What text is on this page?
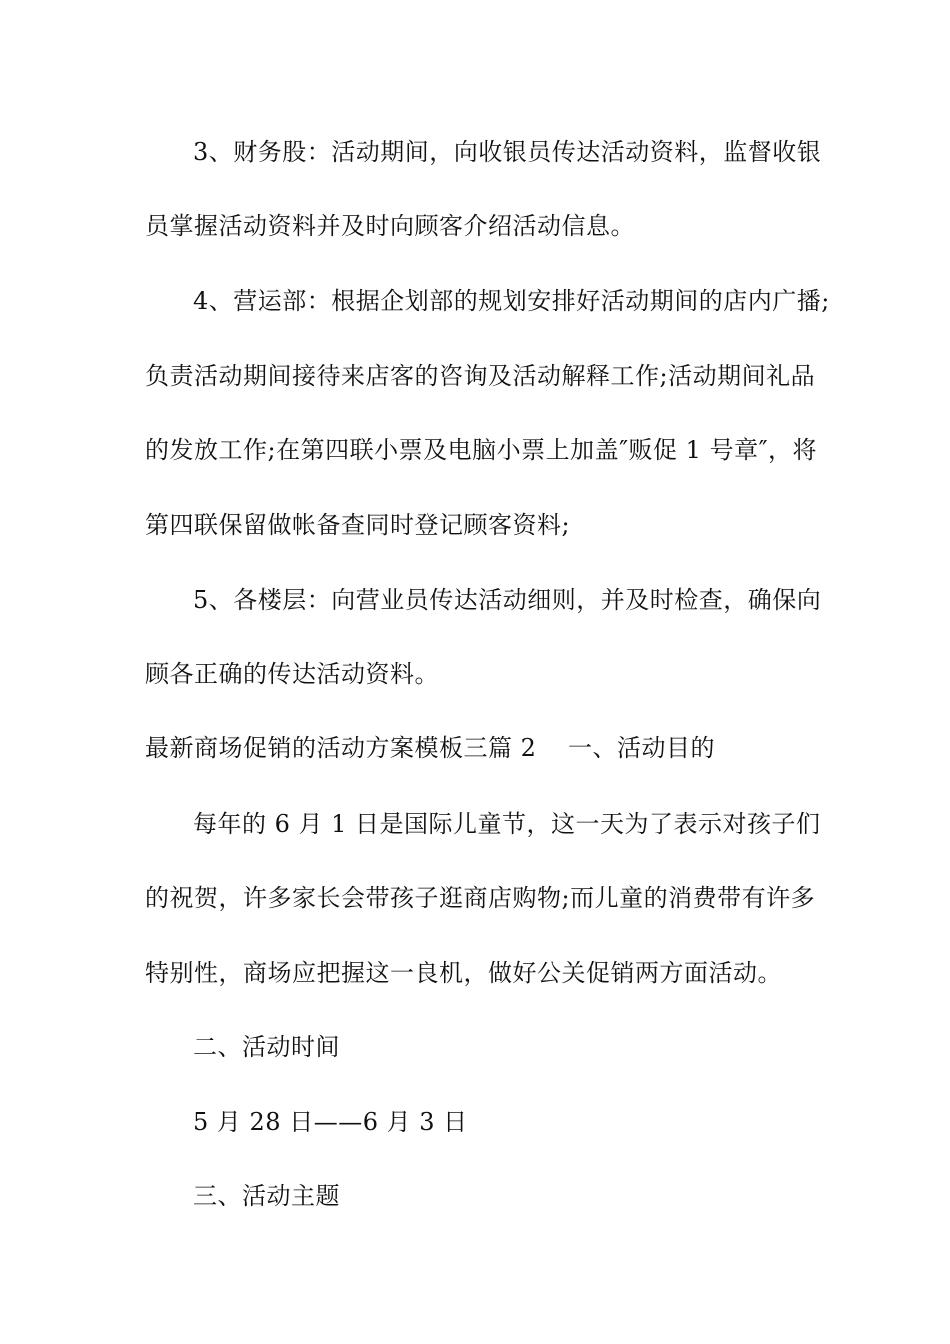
3、财务股：活动期间，向收银员传达活动资料，监督收银
员掌握活动资料并及时向顾客介绍活动信息。
4、营运部：根据企划部的规划安排好活动期间的店内广播;
负责活动期间接待来店客的咨询及活动解释工作;活动期间礼品
的发放工作;在第四联小票及电脑小票上加盖″贩促 1 号章″，将
第四联保留做帐备查同时登记顾客资料;
5、各楼层：向营业员传达活动细则，并及时检查，确保向
顾各正确的传达活动资料。
最新商场促销的活动方案模板三篇 2	一、活动目的
每年的 6 月 1 日是国际儿童节，这一天为了表示对孩子们
的祝贺，许多家长会带孩子逛商店购物;而儿童的消费带有许多
特别性，商场应把握这一良机，做好公关促销两方面活动。
二、活动时间
5 月 28 日——6 月 3 日
三、活动主题
